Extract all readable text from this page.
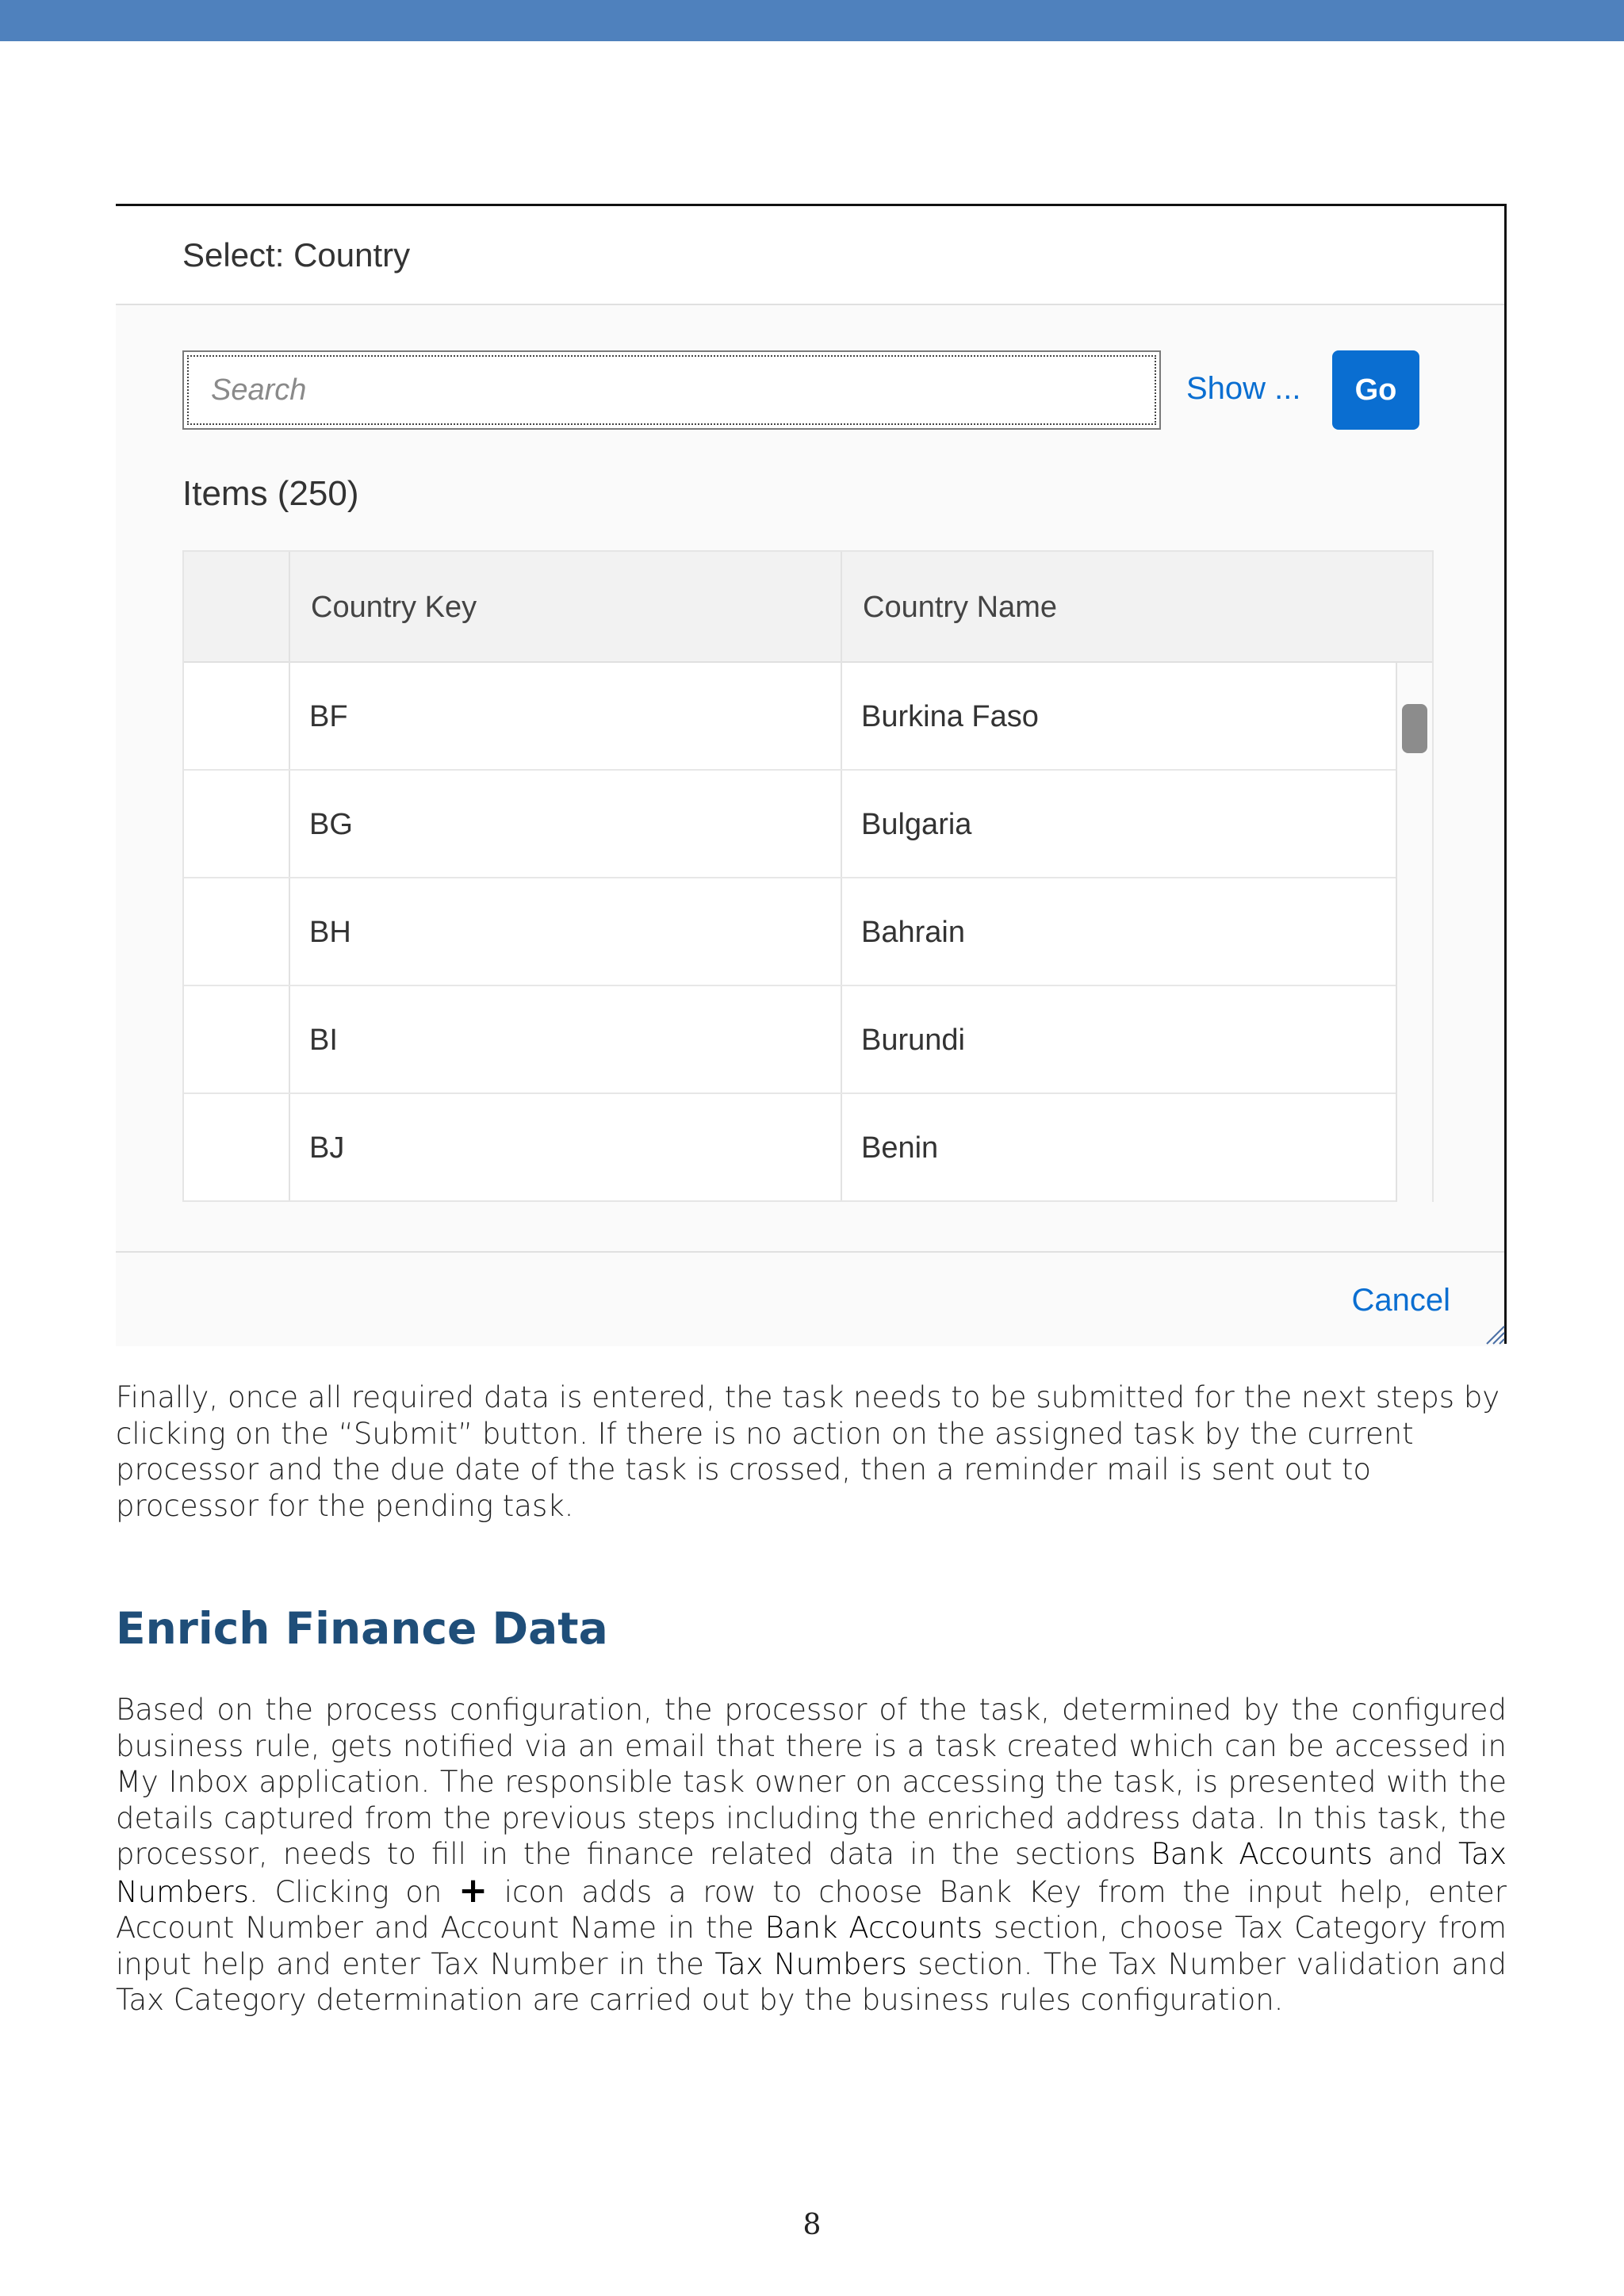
Select: Country
Search
Show ...	Go
Items (250)
Country Key	Country Name
BF	Burkina Faso
BG	Bulgaria
BH	Bahrain
BI	Burundi
BJ	Benin
Cancel

Finally, once all required data is entered, the task needs to be submitted for the next steps by clicking on the “Submit” button. If there is no action on the assigned task by the current processor and the due date of the task is crossed, then a reminder mail is sent out to processor for the pending task.

Enrich Finance Data

Based on the process configuration, the processor of the task, determined by the configured business rule, gets notified via an email that there is a task created which can be accessed in My Inbox application. The responsible task owner on accessing the task, is presented with the details captured from the previous steps including the enriched address data. In this task, the processor, needs to fill in the finance related data in the sections Bank Accounts and Tax Numbers. Clicking on + icon adds a row to choose Bank Key from the input help, enter Account Number and Account Name in the Bank Accounts section, choose Tax Category from input help and enter Tax Number in the Tax Numbers section. The Tax Number validation and Tax Category determination are carried out by the business rules configuration.

8
